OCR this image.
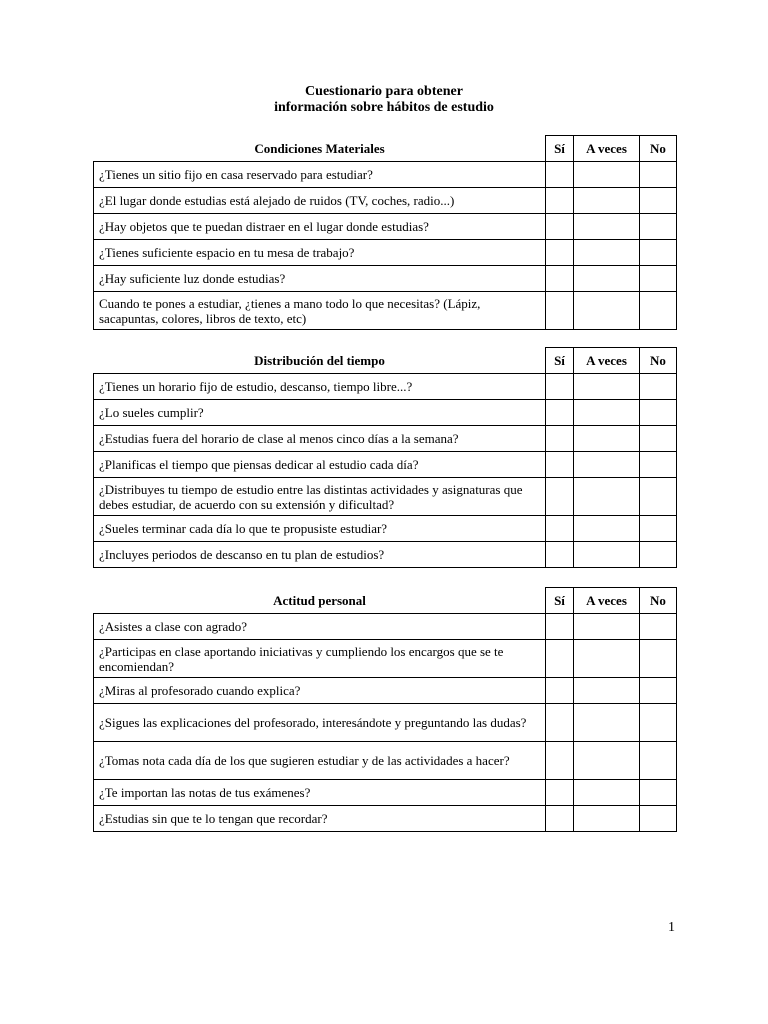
Cuestionario para obtener
información sobre hábitos de estudio
Condiciones Materiales	Sí	A veces	No
¿Tienes un sitio fijo en casa reservado para estudiar?			
¿El lugar donde estudias está alejado de ruidos (TV, coches, radio...)			
¿Hay objetos que te puedan distraer en el lugar donde estudias?			
¿Tienes suficiente espacio en tu mesa de trabajo?			
¿Hay suficiente luz donde estudias?			
Cuando te pones a estudiar, ¿tienes a mano todo lo que necesitas? (Lápiz, sacapuntas, colores, libros de texto, etc)			
Distribución del tiempo	Sí	A veces	No
¿Tienes un horario fijo de estudio, descanso, tiempo libre...?			
¿Lo sueles cumplir?			
¿Estudias fuera del horario de clase al menos cinco días a la semana?			
¿Planificas el tiempo que piensas dedicar al estudio cada día?			
¿Distribuyes tu tiempo de estudio entre las distintas actividades y asignaturas que debes estudiar, de acuerdo con su extensión y dificultad?			
¿Sueles terminar cada día lo que te propusiste estudiar?			
¿Incluyes periodos de descanso en tu plan de estudios?			
Actitud personal	Sí	A veces	No
¿Asistes a clase con agrado?			
¿Participas en clase aportando iniciativas y cumpliendo los encargos que se te encomiendan?			
¿Miras al profesorado cuando explica?			
¿Sigues las explicaciones del profesorado, interesándote y preguntando las dudas?			
¿Tomas nota cada día de los que sugieren estudiar y de las actividades a hacer?			
¿Te importan las notas de tus exámenes?			
¿Estudias sin que te lo tengan que recordar?			
1
